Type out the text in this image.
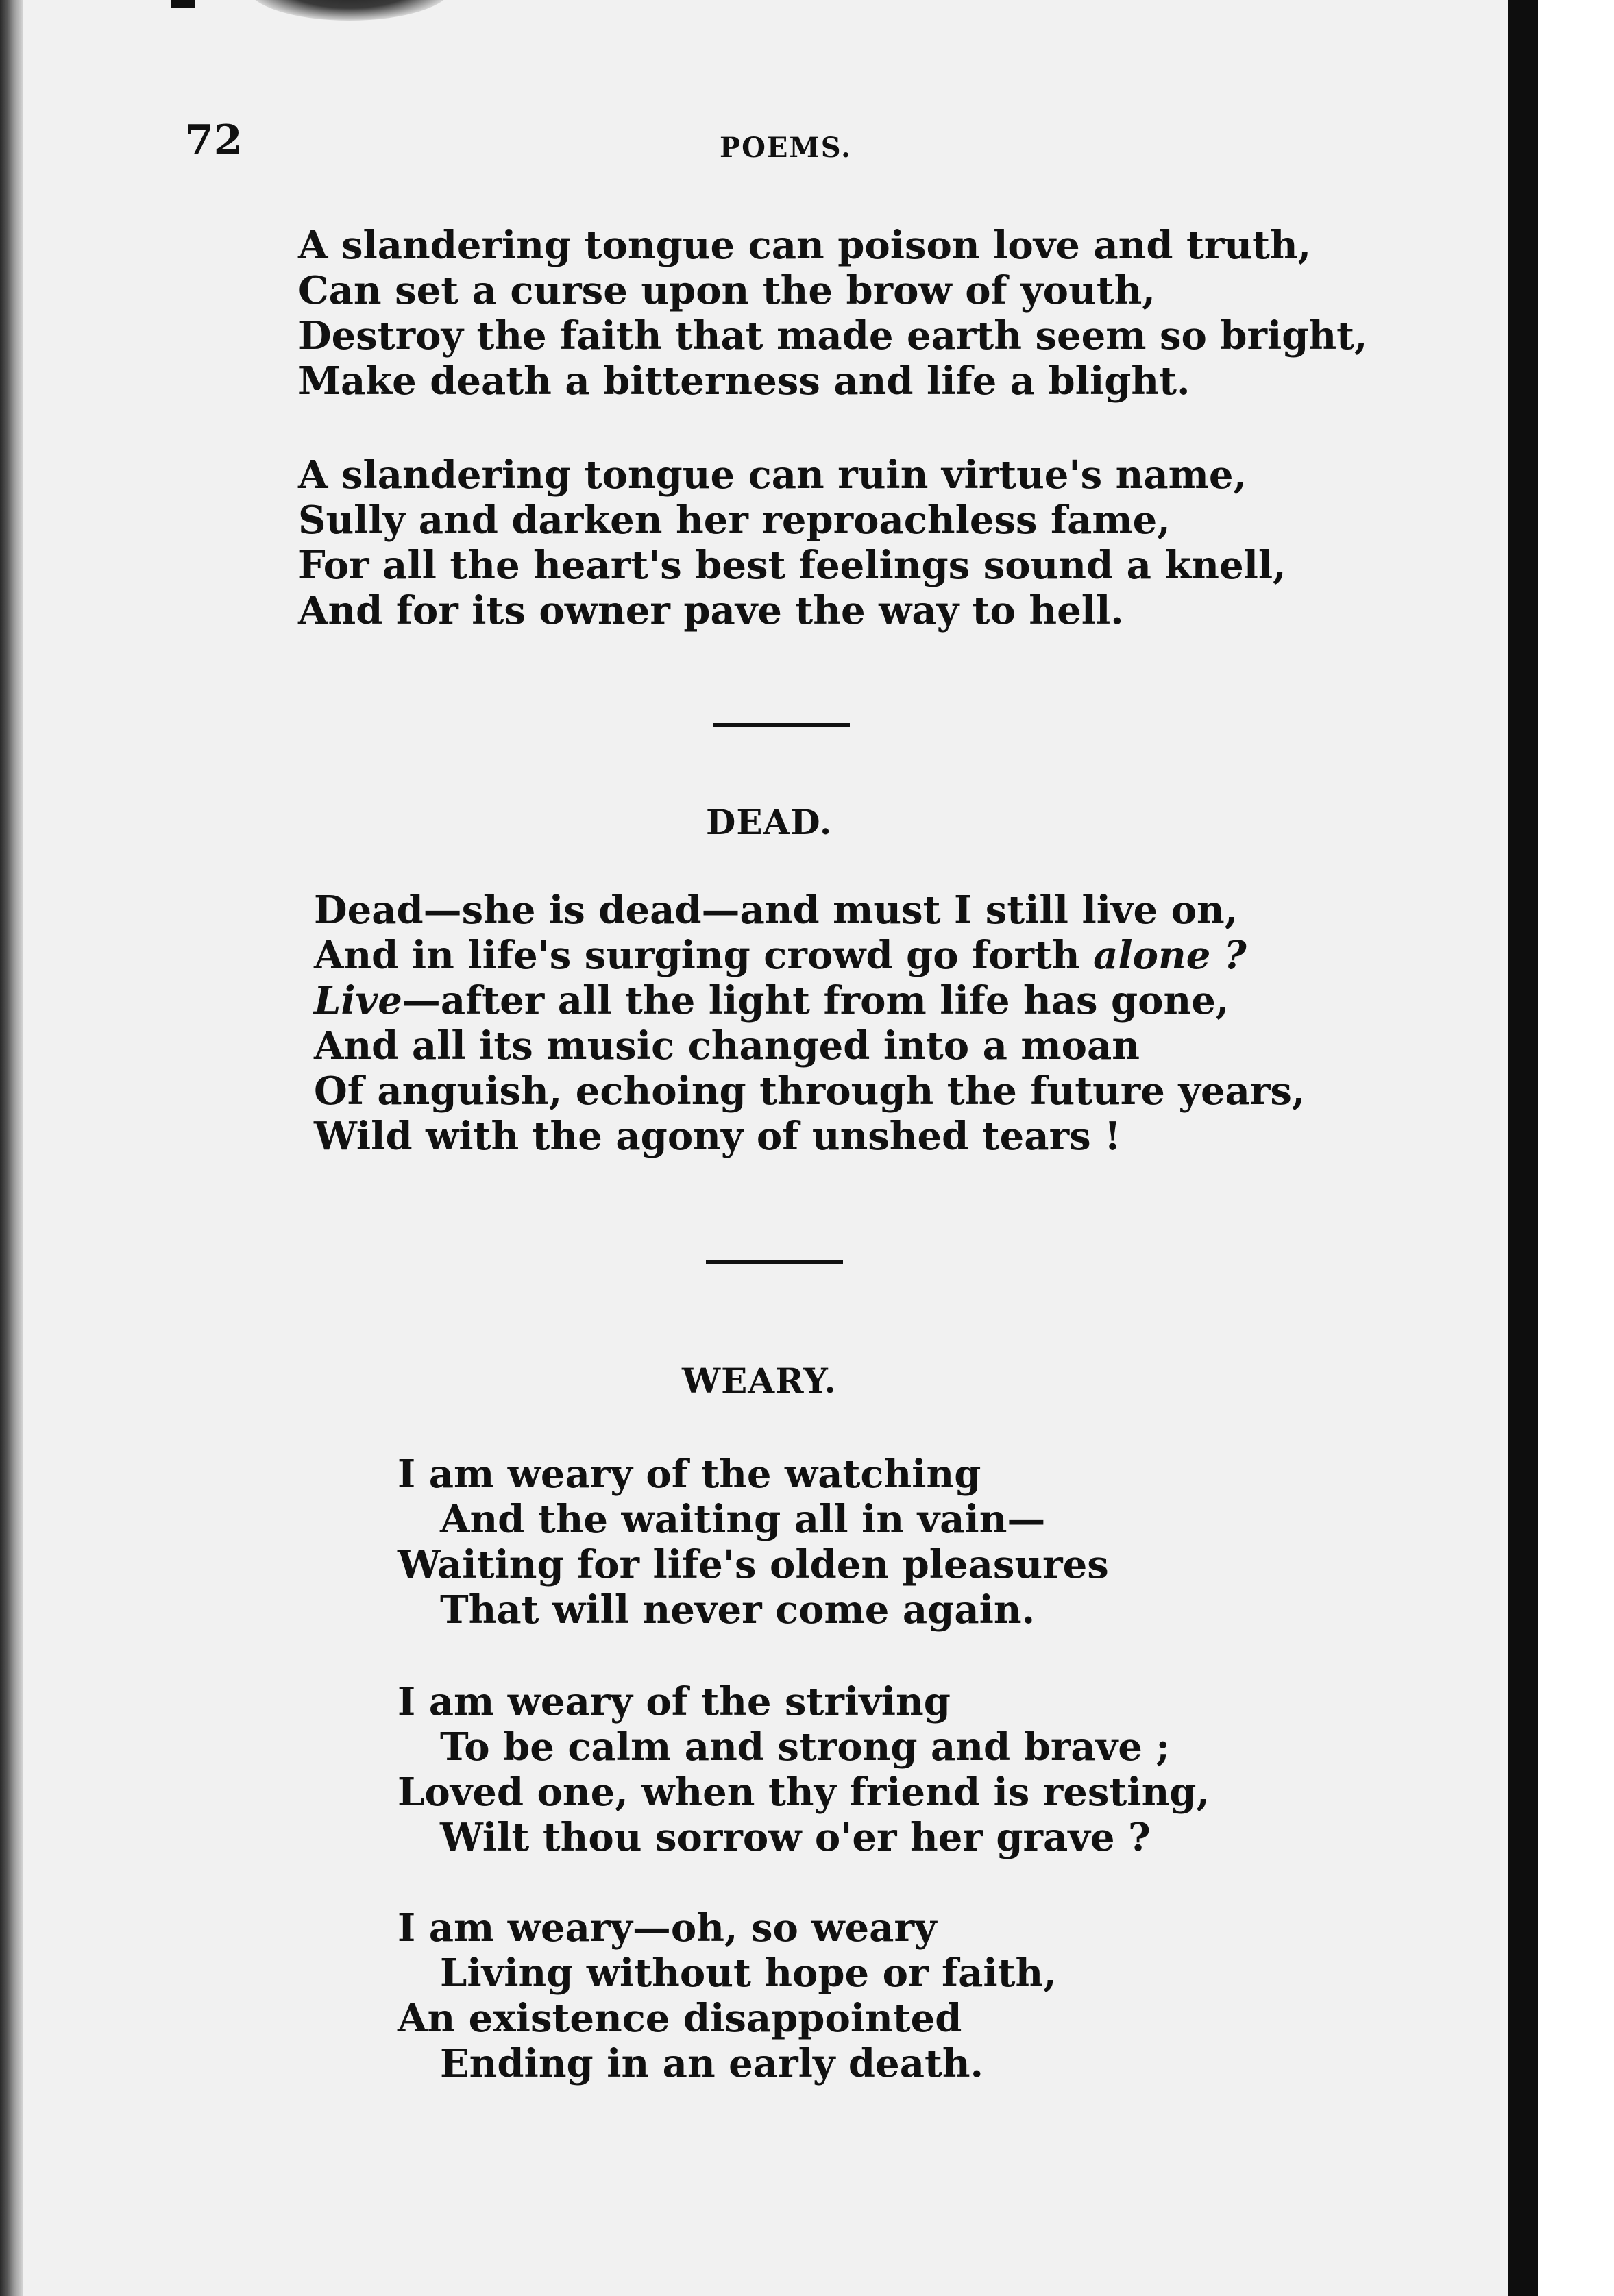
72	POEMS.
A slandering tongue can poison love and truth,
Can set a curse upon the brow of youth,
Destroy the faith that made earth seem so bright,
Make death a bitterness and life a blight.
A slandering tongue can ruin virtue's name,
Sully and darken her reproachless fame,
For all the heart's best feelings sound a knell,
And for its owner pave the way to hell.
DEAD.
Dead—she is dead—and must I still live on,
And in life's surging crowd go forth alone ?
Live—after all the light from life has gone,
And all its music changed into a moan
Of anguish, echoing through the future years,
Wild with the agony of unshed tears !
WEARY.
I am weary of the watching
And the waiting all in vain—
Waiting for life's olden pleasures
That will never come again.
I am weary of the striving
To be calm and strong and brave ;
Loved one, when thy friend is resting,
Wilt thou sorrow o'er her grave ?
I am weary—oh, so weary
Living without hope or faith,
An existence disappointed
Ending in an early death.
